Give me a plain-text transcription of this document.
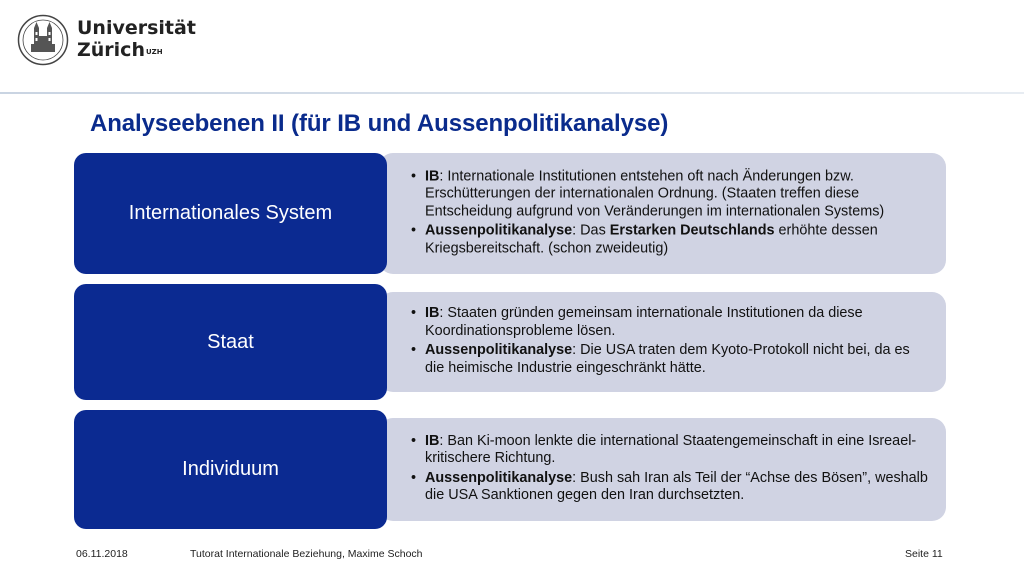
Universität
Zürich$^{UZH}$
Analyseebenen II (für IB und Aussenpolitikanalyse)
Internationales System
• IB: Internationale Institutionen entstehen oft nach Änderungen bzw. Erschütterungen der internationalen Ordnung. (Staaten treffen diese Entscheidung aufgrund von Veränderungen im internationalen Systems)
• Aussenpolitikanalyse: Das Erstarken Deutschlands erhöhte dessen Kriegsbereitschaft. (schon zweideutig)
Staat
• IB: Staaten gründen gemeinsam internationale Institutionen da diese Koordinationsprobleme lösen.
• Aussenpolitikanalyse: Die USA traten dem Kyoto-Protokoll nicht bei, da es die heimische Industrie eingeschränkt hätte.
Individuum
• IB: Ban Ki-moon lenkte die international Staatengemeinschaft in eine Isreael-kritischere Richtung.
• Aussenpolitikanalyse: Bush sah Iran als Teil der “Achse des Bösen”, weshalb die USA Sanktionen gegen den Iran durchsetzten.
06.11.2018	Tutorat Internationale Beziehung, Maxime Schoch	Seite 11
